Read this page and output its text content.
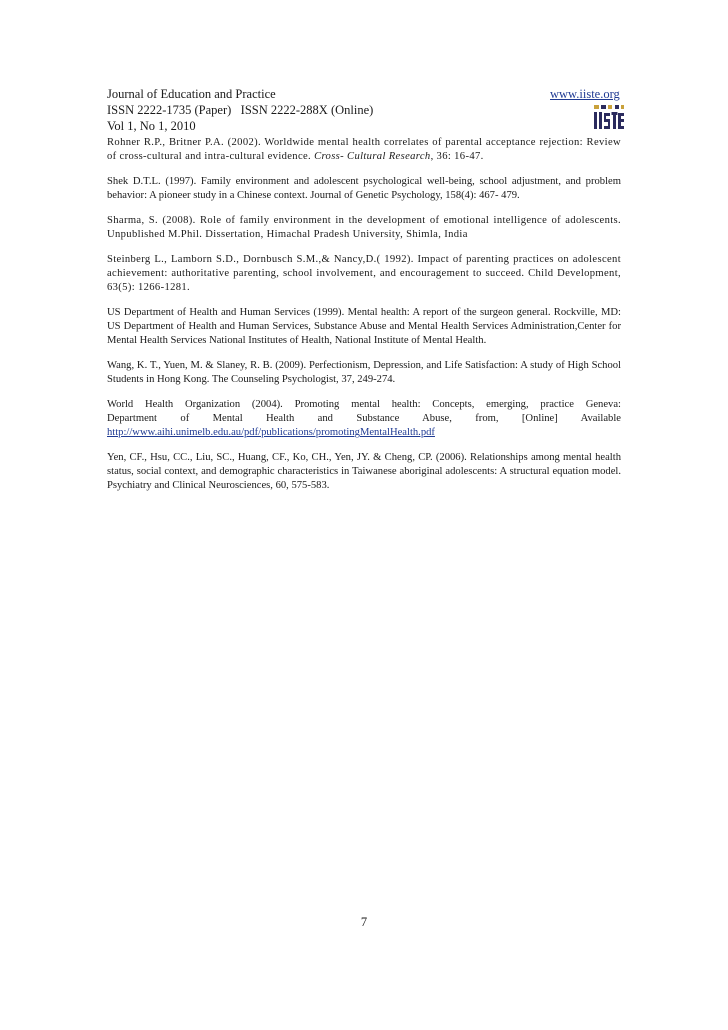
Journal of Education and Practice
ISSN 2222-1735 (Paper)   ISSN 2222-288X (Online)
Vol 1, No 1, 2010
www.iiste.org

Rohner R.P., Britner P.A. (2002). Worldwide mental health correlates of parental acceptance rejection: Review of cross-cultural and intra-cultural evidence. Cross- Cultural Research, 36: 16-47.

Shek D.T.L. (1997). Family environment and adolescent psychological well-being, school adjustment, and problem behavior: A pioneer study in a Chinese context. Journal of Genetic Psychology, 158(4): 467- 479.

Sharma, S. (2008). Role of family environment in the development of emotional intelligence of adolescents. Unpublished M.Phil. Dissertation, Himachal Pradesh University, Shimla, India

Steinberg L., Lamborn S.D., Dornbusch S.M.,& Nancy,D.( 1992). Impact of parenting practices on adolescent achievement: authoritative parenting, school involvement, and encouragement to succeed. Child Development, 63(5): 1266-1281.

US Department of Health and Human Services (1999). Mental health: A report of the surgeon general. Rockville, MD: US Department of Health and Human Services, Substance Abuse and Mental Health Services Administration,Center for Mental Health Services National Institutes of Health, National Institute of Mental Health.

Wang, K. T., Yuen, M. & Slaney, R. B. (2009). Perfectionism, Depression, and Life Satisfaction: A study of High School Students in Hong Kong. The Counseling Psychologist, 37, 249-274.

World Health Organization (2004). Promoting mental health: Concepts, emerging, practice Geneva:
Department of Mental Health and Substance Abuse, from, [Online] Available
http://www.aihi.unimelb.edu.au/pdf/publications/promotingMentalHealth.pdf

Yen, CF., Hsu, CC., Liu, SC., Huang, CF., Ko, CH., Yen, JY. & Cheng, CP. (2006). Relationships among mental health status, social context, and demographic characteristics in Taiwanese aboriginal adolescents: A structural equation model. Psychiatry and Clinical Neurosciences, 60, 575-583.

7
